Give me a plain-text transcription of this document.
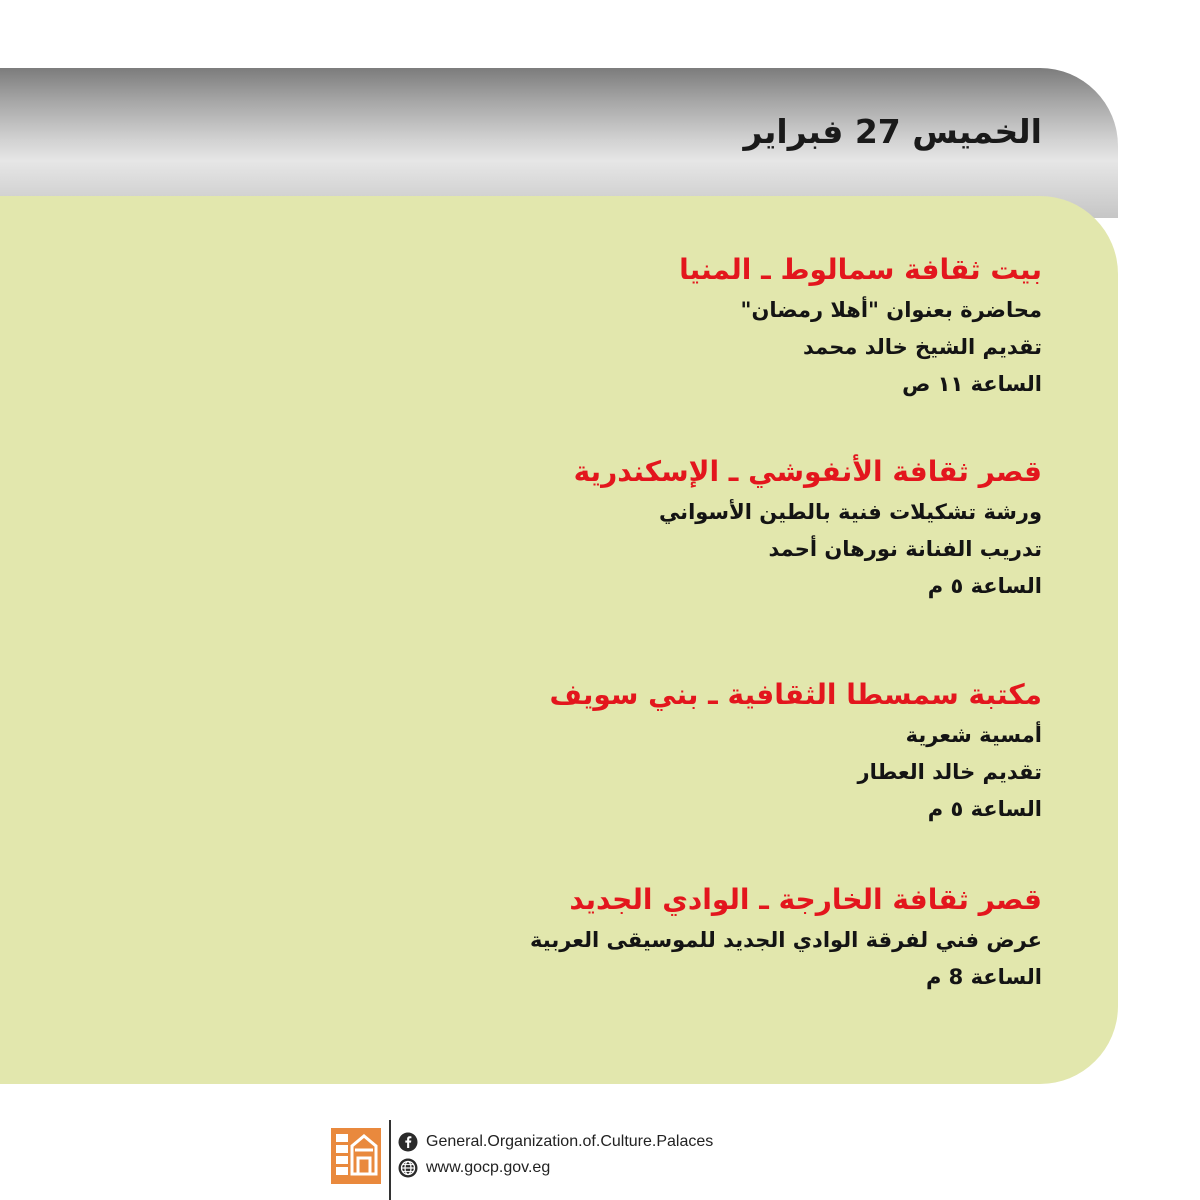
الخميس 27 فبراير
بيت ثقافة سمالوط ـ المنيا
محاضرة بعنوان "أهلا رمضان"
تقديم الشيخ خالد محمد
الساعة ١١ ص
قصر ثقافة الأنفوشي ـ الإسكندرية
ورشة تشكيلات فنية بالطين الأسواني
تدريب الفنانة نورهان أحمد
الساعة ٥ م
مكتبة سمسطا الثقافية ـ بني سويف
أمسية شعرية
تقديم خالد العطار
الساعة ٥ م
قصر ثقافة الخارجة ـ الوادي الجديد
عرض فني لفرقة الوادي الجديد للموسيقى العربية
الساعة 8 م
General.Organization.of.Culture.Palaces
www.gocp.gov.eg
